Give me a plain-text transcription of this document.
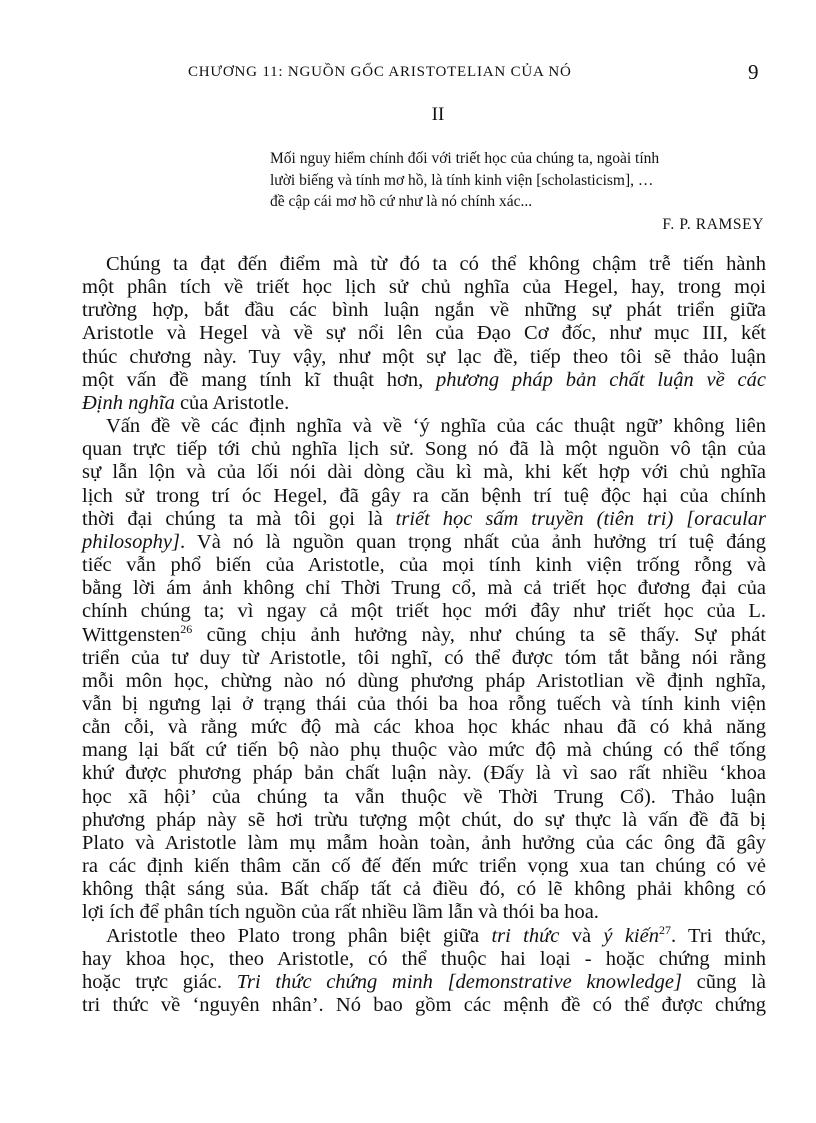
CHƯƠNG 11: NGUỒN GỐC ARISTOTELIAN CỦA NÓ	9
II
Mối nguy hiểm chính đối với triết học của chúng ta, ngoài tính
lười biếng và tính mơ hồ, là tính kinh viện [scholasticism], …
đề cập cái mơ hồ cứ như là nó chính xác...
F. P. RAMSEY
Chúng ta đạt đến điểm mà từ đó ta có thể không chậm trễ tiến hành
một phân tích về triết học lịch sử chủ nghĩa của Hegel, hay, trong mọi
trường hợp, bắt đầu các bình luận ngắn về những sự phát triển giữa
Aristotle và Hegel và về sự nổi lên của Đạo Cơ đốc, như mục III, kết
thúc chương này. Tuy vậy, như một sự lạc đề, tiếp theo tôi sẽ thảo luận
một vấn đề mang tính kĩ thuật hơn, phương pháp bản chất luận về các
Định nghĩa của Aristotle.
Vấn đề về các định nghĩa và về ‘ý nghĩa của các thuật ngữ’ không liên
quan trực tiếp tới chủ nghĩa lịch sử. Song nó đã là một nguồn vô tận của
sự lẫn lộn và của lối nói dài dòng cầu kì mà, khi kết hợp với chủ nghĩa
lịch sử trong trí óc Hegel, đã gây ra căn bệnh trí tuệ độc hại của chính
thời đại chúng ta mà tôi gọi là triết học sấm truyền (tiên tri) [oracular
philosophy]. Và nó là nguồn quan trọng nhất của ảnh hưởng trí tuệ đáng
tiếc vẫn phổ biến của Aristotle, của mọi tính kinh viện trống rỗng và
bằng lời ám ảnh không chỉ Thời Trung cổ, mà cả triết học đương đại của
chính chúng ta; vì ngay cả một triết học mới đây như triết học của L.
Wittgensten$^{26}$ cũng chịu ảnh hưởng này, như chúng ta sẽ thấy. Sự phát
triển của tư duy từ Aristotle, tôi nghĩ, có thể được tóm tắt bằng nói rằng
mỗi môn học, chừng nào nó dùng phương pháp Aristotlian về định nghĩa,
vẫn bị ngưng lại ở trạng thái của thói ba hoa rỗng tuếch và tính kinh viện
cằn cỗi, và rằng mức độ mà các khoa học khác nhau đã có khả năng
mang lại bất cứ tiến bộ nào phụ thuộc vào mức độ mà chúng có thể tống
khứ được phương pháp bản chất luận này. (Đấy là vì sao rất nhiều ‘khoa
học xã hội’ của chúng ta vẫn thuộc về Thời Trung Cổ). Thảo luận
phương pháp này sẽ hơi trừu tượng một chút, do sự thực là vấn đề đã bị
Plato và Aristotle làm mụ mẫm hoàn toàn, ảnh hưởng của các ông đã gây
ra các định kiến thâm căn cố đế đến mức triển vọng xua tan chúng có vẻ
không thật sáng sủa. Bất chấp tất cả điều đó, có lẽ không phải không có
lợi ích để phân tích nguồn của rất nhiều lầm lẫn và thói ba hoa.
Aristotle theo Plato trong phân biệt giữa tri thức và ý kiến$^{27}$. Tri thức,
hay khoa học, theo Aristotle, có thể thuộc hai loại - hoặc chứng minh
hoặc trực giác. Tri thức chứng minh [demonstrative knowledge] cũng là
tri thức về ‘nguyên nhân’. Nó bao gồm các mệnh đề có thể được chứng
